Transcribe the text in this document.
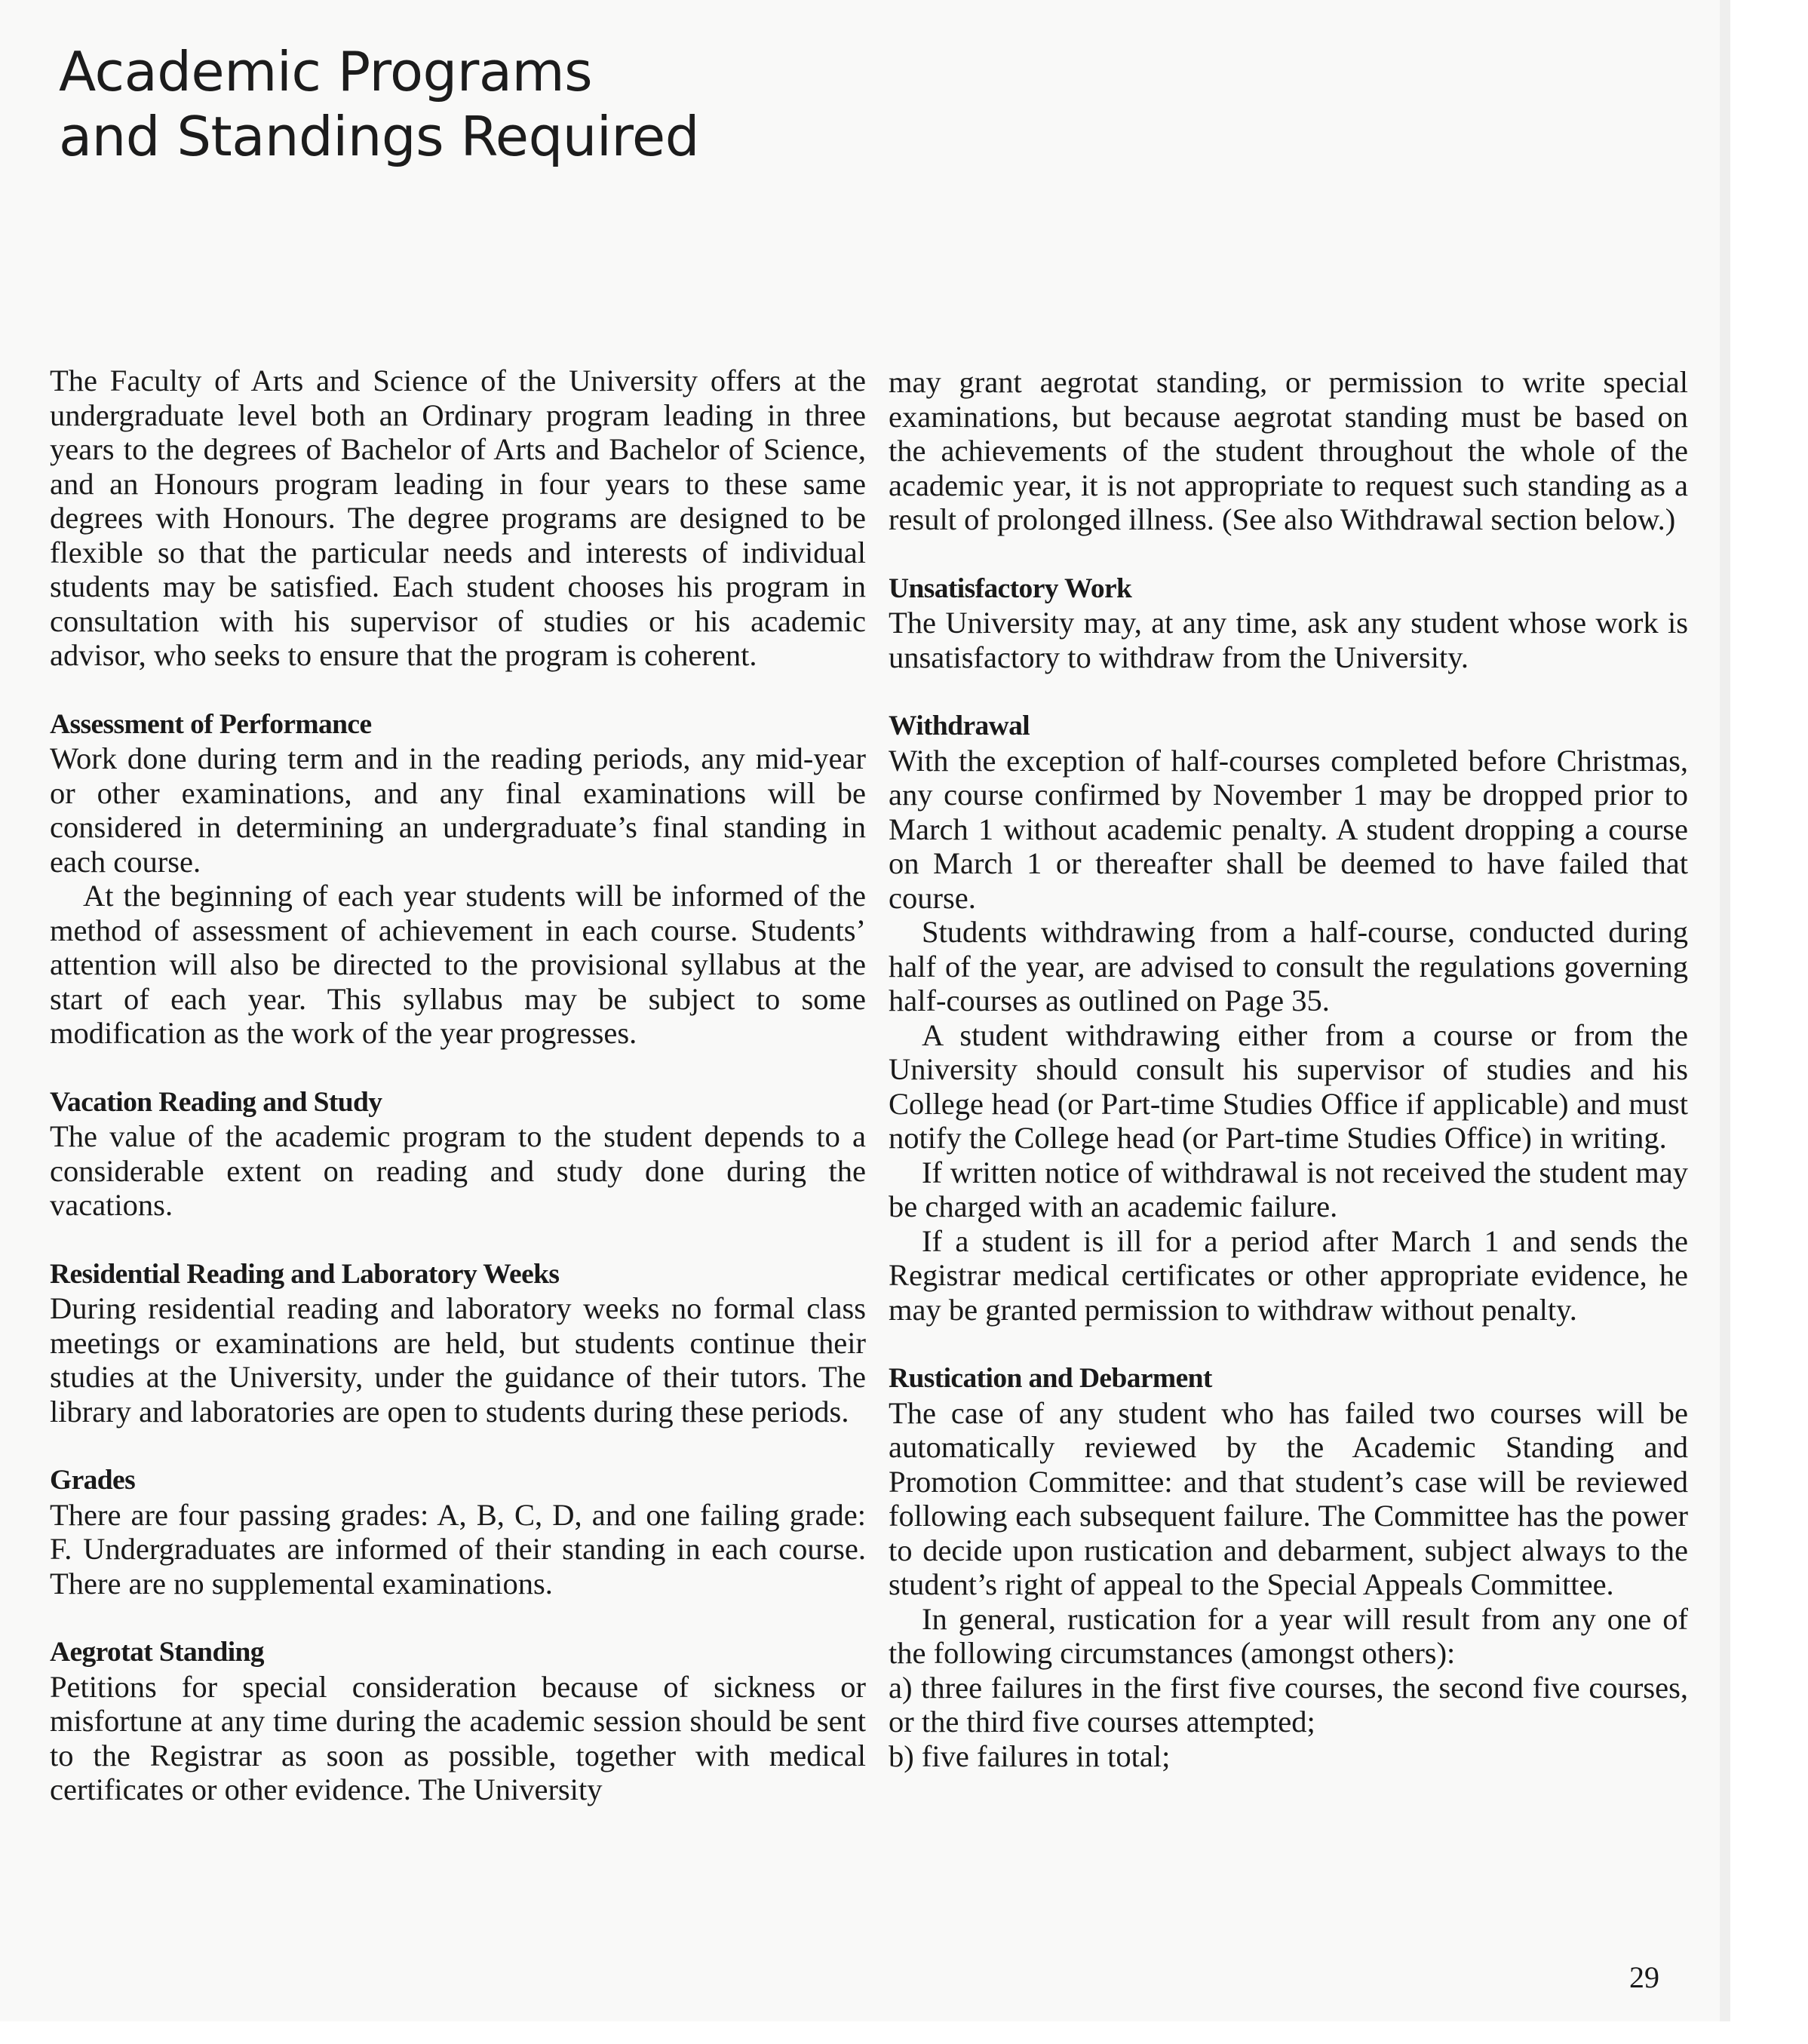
Academic Programs
and Standings Required

The Faculty of Arts and Science of the University offers at the undergraduate level both an Ordinary program leading in three years to the degrees of Bachelor of Arts and Bachelor of Science, and an Honours program leading in four years to these same degrees with Honours. The degree programs are designed to be flexible so that the particular needs and interests of individual students may be satisfied. Each student chooses his program in consultation with his supervisor of studies or his academic advisor, who seeks to ensure that the program is coherent.

Assessment of Performance

Work done during term and in the reading periods, any mid-year or other examinations, and any final examinations will be considered in determining an undergraduate’s final standing in each course.

At the beginning of each year students will be informed of the method of assessment of achievement in each course. Students’ attention will also be directed to the provisional syllabus at the start of each year. This syllabus may be subject to some modification as the work of the year progresses.

Vacation Reading and Study

The value of the academic program to the student depends to a considerable extent on reading and study done during the vacations.

Residential Reading and Laboratory Weeks

During residential reading and laboratory weeks no formal class meetings or examinations are held, but students continue their studies at the University, under the guidance of their tutors. The library and laboratories are open to students during these periods.

Grades

There are four passing grades: A, B, C, D, and one failing grade: F. Undergraduates are informed of their standing in each course. There are no supplemental examinations.

Aegrotat Standing

Petitions for special consideration because of sickness or misfortune at any time during the academic session should be sent to the Registrar as soon as possible, together with medical certificates or other evidence. The University

may grant aegrotat standing, or permission to write special examinations, but because aegrotat standing must be based on the achievements of the student throughout the whole of the academic year, it is not appropriate to request such standing as a result of prolonged illness. (See also Withdrawal section below.)

Unsatisfactory Work

The University may, at any time, ask any student whose work is unsatisfactory to withdraw from the University.

Withdrawal

With the exception of half-courses completed before Christmas, any course confirmed by November 1 may be dropped prior to March 1 without academic penalty. A student dropping a course on March 1 or thereafter shall be deemed to have failed that course.

Students withdrawing from a half-course, conducted during half of the year, are advised to consult the regulations governing half-courses as outlined on Page 35.

A student withdrawing either from a course or from the University should consult his supervisor of studies and his College head (or Part-time Studies Office if applicable) and must notify the College head (or Part-time Studies Office) in writing.

If written notice of withdrawal is not received the student may be charged with an academic failure.

If a student is ill for a period after March 1 and sends the Registrar medical certificates or other appropriate evidence, he may be granted permission to withdraw without penalty.

Rustication and Debarment

The case of any student who has failed two courses will be automatically reviewed by the Academic Standing and Promotion Committee: and that student’s case will be reviewed following each subsequent failure. The Committee has the power to decide upon rustication and debarment, subject always to the student’s right of appeal to the Special Appeals Committee.

In general, rustication for a year will result from any one of the following circumstances (amongst others):

a) three failures in the first five courses, the second five courses, or the third five courses attempted;

b) five failures in total;

29
